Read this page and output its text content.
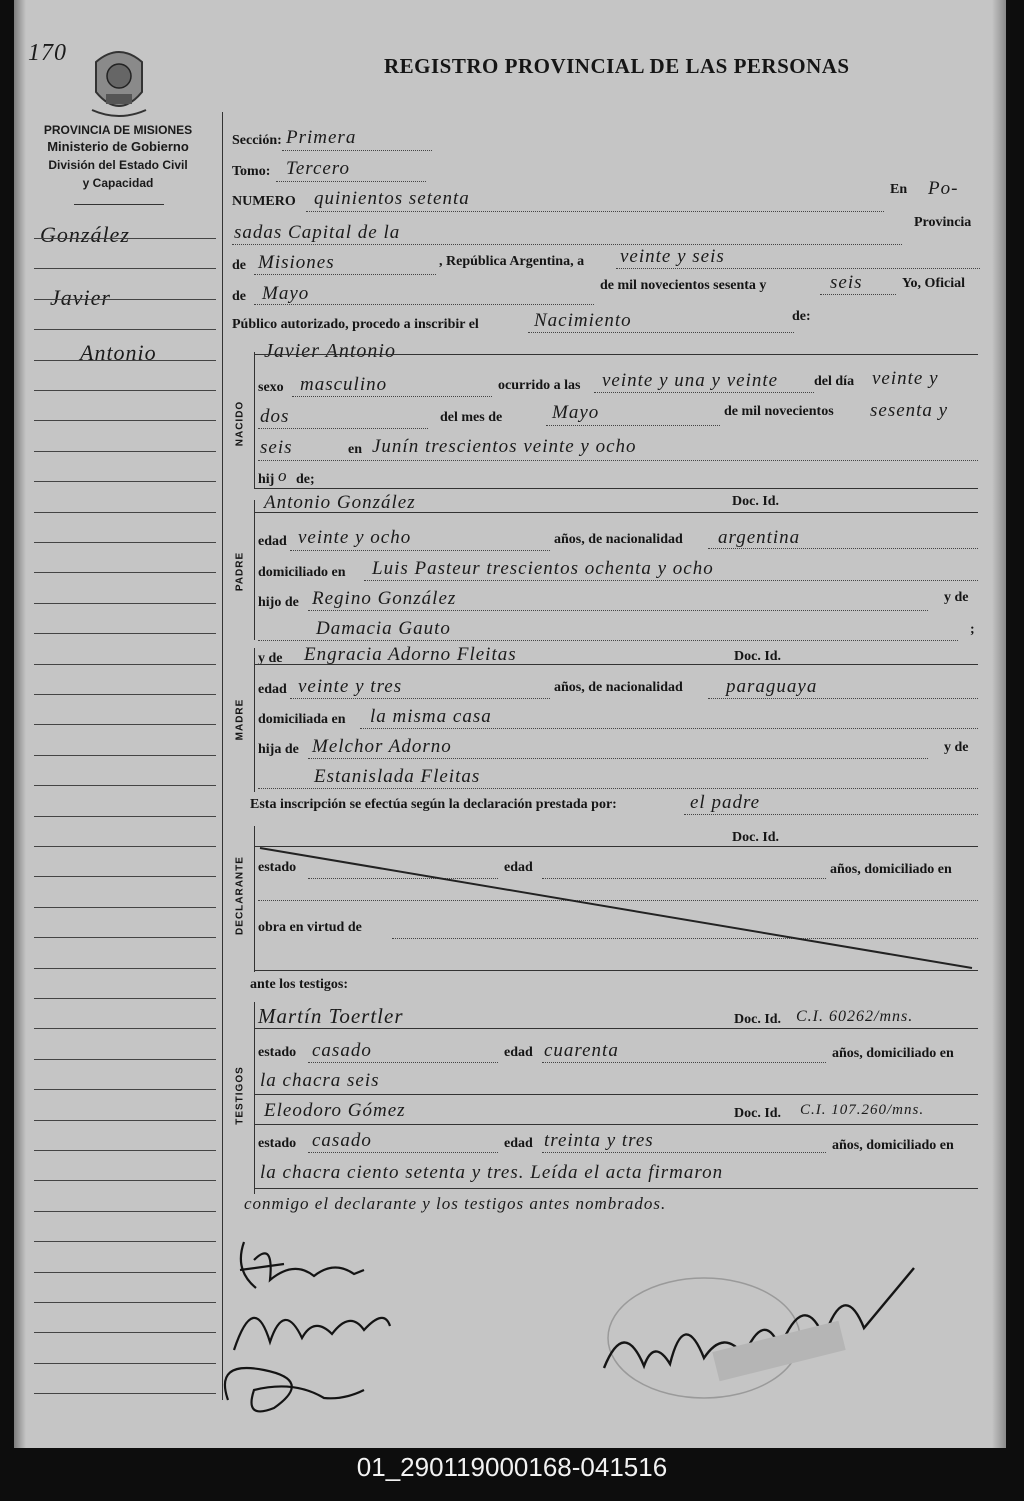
170	REGISTRO PROVINCIAL DE LAS PERSONAS
PROVINCIA DE MISIONES
Ministerio de Gobierno
División del Estado Civil
y Capacidad
González
Javier
Antonio
Sección: Primera
Tomo: Tercero
NUMERO quinientos setenta	En Po-
sadas Capital de la	Provincia
de Misiones	, República Argentina, a veinte y seis
de Mayo	de mil novecientos sesenta y	seis	Yo, Oficial
Público autorizado, procedo a inscribir el	Nacimiento	de:
NACIDO
Javier Antonio
sexo masculino	ocurrido a las veinte y una y veinte	del día veinte y
dos	del mes de	Mayo	de mil novecientos sesenta y
seis	en Junín trescientos veinte y ocho
hij o de;
PADRE
Antonio González	Doc. Id.
edad veinte y ocho	años, de nacionalidad argentina
domiciliado en Luis Pasteur trescientos ochenta y ocho
hijo de Regino González	y de
Damacia Gauto	;
MADRE
y de Engracia Adorno Fleitas	Doc. Id.
edad veinte y tres	años, de nacionalidad paraguaya
domiciliada en la misma casa
hija de Melchor Adorno	y de
Estanislada Fleitas
Esta inscripción se efectúa según la declaración prestada por:	el padre
DECLARANTE
Doc. Id.
estado	edad	años, domiciliado en
obra en virtud de
ante los testigos:
TESTIGOS
Martín Toertler	Doc. Id. C.I. 60262/mns.
estado casado	edad cuarenta	años, domiciliado en
la chacra seis
Eleodoro Gómez	Doc. Id. C.I. 107.260/mns.
estado casado	edad treinta y tres	años, domiciliado en
la chacra ciento setenta y tres. Leída el acta firmaron
conmigo el declarante y los testigos antes nombrados.
01_290119000168-041516
